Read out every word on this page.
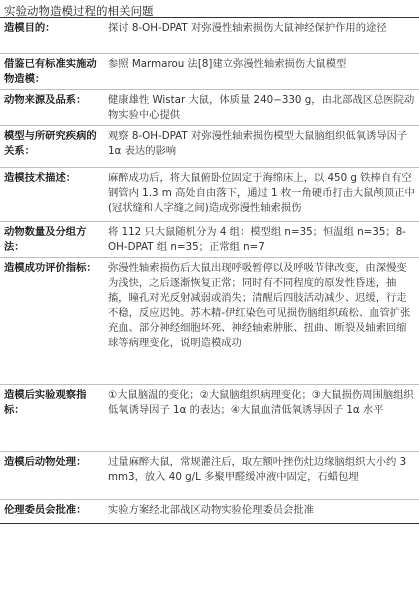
实验动物造模过程的相关问题
造模目的：	探讨 8-OH-DPAT 对弥漫性轴索损伤大鼠神经保护作用的途径
借鉴已有标准实施动物造模：
参照 Marmarou 法[8]建立弥漫性轴索损伤大鼠模型
动物来源及品系：	健康雄性 Wistar 大鼠，体质量 240−330 g，由北部战区总医院动物实验中心提供
模型与所研究疾病的关系：
观察 8-OH-DPAT 对弥漫性轴索损伤模型大鼠脑组织低氧诱导因子 1α 表达的影响
造模技术描述：	麻醉成功后，将大鼠俯卧位固定于海绵床上，以 450 g 铁棒自有空钢管内 1.3 m 高处自由落下，通过 1 枚一角硬币打击大鼠颅顶正中(冠状缝和人字缝之间)造成弥漫性轴索损伤
动物数量及分组方法：
将 112 只大鼠随机分为 4 组：模型组 n=35；恒温组 n=35；8-OH-DPAT 组 n=35；正常组 n=7
造模成功评价指标：	弥漫性轴索损伤后大鼠出现呼吸暂停以及呼吸节律改变，由深慢变为浅快，之后逐渐恢复正常；同时有不同程度的原发性昏迷，抽搐，瞳孔对光反射减弱或消失；清醒后四肢活动减少、迟缓，行走不稳，反应迟钝。苏木精-伊红染色可见损伤脑组织疏松、血管扩张充血、部分神经细胞坏死、神经轴索肿胀、扭曲、断裂及轴索回缩球等病理变化，说明造模成功
造模后实验观察指标：
①大鼠脑温的变化；②大鼠脑组织病理变化；③大鼠损伤周围脑组织低氧诱导因子 1α 的表达；④大鼠血清低氧诱导因子 1α 水平
造模后动物处理：	过量麻醉大鼠，常规灌注后，取左额叶挫伤灶边缘脑组织大小约 3 mm3，放入 40 g/L 多聚甲醛缓冲液中固定，石蜡包埋
伦理委员会批准：	实验方案经北部战区动物实验伦理委员会批准
